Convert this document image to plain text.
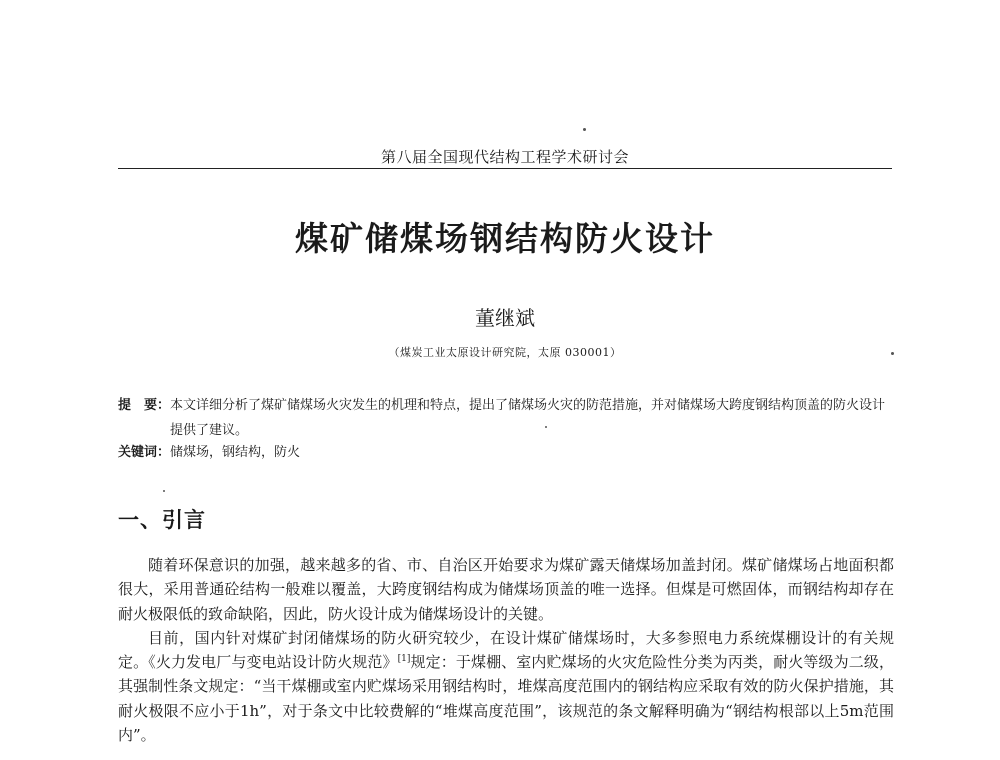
第八届全国现代结构工程学术研讨会
煤矿储煤场钢结构防火设计
董继斌
（煤炭工业太原设计研究院，太原 030001）
提　要： 本文详细分析了煤矿储煤场火灾发生的机理和特点，提出了储煤场火灾的防范措施，并对储煤场大跨度钢结构顶盖的防火设计提供了建议。
关键词：储煤场，钢结构，防火
一、引言

随着环保意识的加强，越来越多的省、市、自治区开始要求为煤矿露天储煤场加盖封闭。煤矿储煤场占地面积都很大，采用普通砼结构一般难以覆盖，大跨度钢结构成为储煤场顶盖的唯一选择。但煤是可燃固体，而钢结构却存在耐火极限低的致命缺陷，因此，防火设计成为储煤场设计的关键。

目前，国内针对煤矿封闭储煤场的防火研究较少，在设计煤矿储煤场时，大多参照电力系统煤棚设计的有关规定。《火力发电厂与变电站设计防火规范》[1]规定：于煤棚、室内贮煤场的火灾危险性分类为丙类，耐火等级为二级，其强制性条文规定：“当干煤棚或室内贮煤场采用钢结构时，堆煤高度范围内的钢结构应采取有效的防火保护措施，其耐火极限不应小于1h”，对于条文中比较费解的“堆煤高度范围”，该规范的条文解释明确为“钢结构根部以上5m范围内”。
